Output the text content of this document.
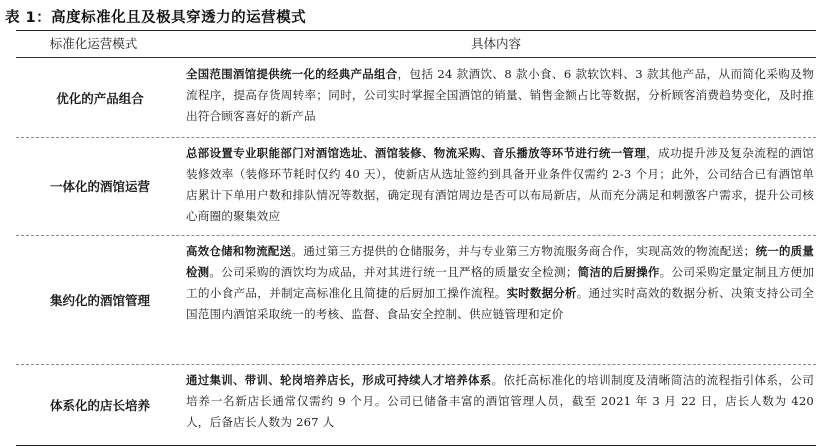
表 1：高度标准化且及极具穿透力的运营模式
标准化运营模式	具体内容
优化的产品组合
全国范围酒馆提供统一化的经典产品组合，包括 24 款酒饮、8 款小食、6 款软饮料、3 款其他产品，从而简化采购及物流程序，提高存货周转率；同时，公司实时掌握全国酒馆的销量、销售金额占比等数据，分析顾客消费趋势变化，及时推出符合顾客喜好的新产品
一体化的酒馆运营
总部设置专业职能部门对酒馆选址、酒馆装修、物流采购、音乐播放等环节进行统一管理，成功提升涉及复杂流程的酒馆装修效率（装修环节耗时仅约 40 天），使新店从选址签约到具备开业条件仅需约 2-3 个月；此外，公司结合已有酒馆单店累计下单用户数和排队情况等数据，确定现有酒馆周边是否可以布局新店，从而充分满足和刺激客户需求，提升公司核心商圈的聚集效应
集约化的酒馆管理
高效仓储和物流配送。通过第三方提供的仓储服务，并与专业第三方物流服务商合作，实现高效的物流配送；统一的质量检测。公司采购的酒饮均为成品，并对其进行统一且严格的质量安全检测；简洁的后厨操作。公司采购定量定制且方便加工的小食产品，并制定高标准化且简捷的后厨加工操作流程。实时数据分析。通过实时高效的数据分析、决策支持公司全国范围内酒馆采取统一的考核、监督、食品安全控制、供应链管理和定价
体系化的店长培养
通过集训、带训、轮岗培养店长，形成可持续人才培养体系。依托高标准化的培训制度及清晰简洁的流程指引体系，公司培养一名新店长通常仅需约 9 个月。公司已储备丰富的酒馆管理人员，截至 2021 年 3 月 22 日，店长人数为 420 人，后备店长人数为 267 人
